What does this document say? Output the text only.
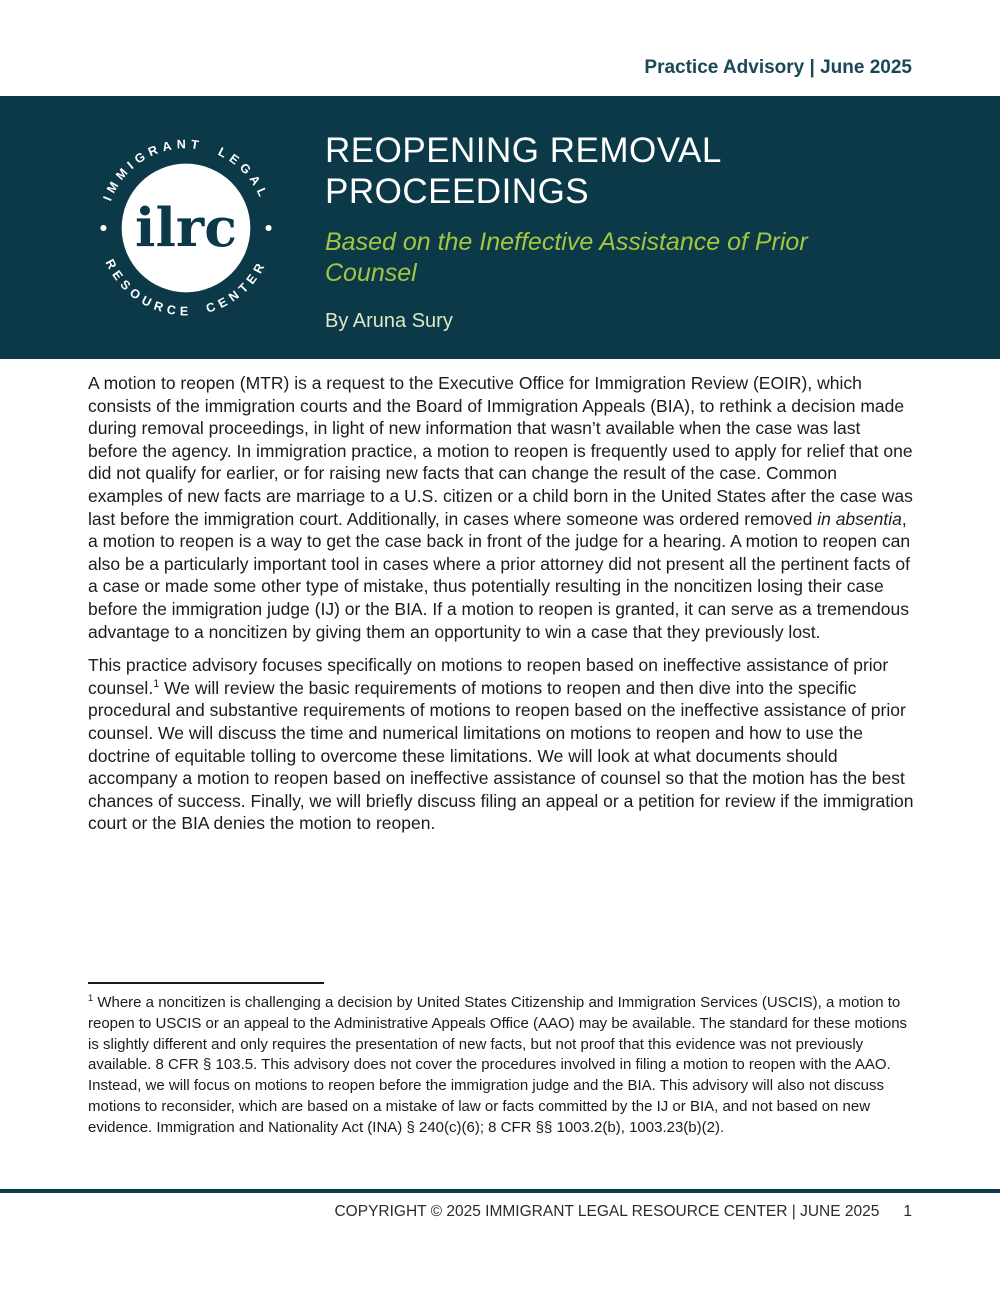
Practice Advisory | June 2025
IMMIGRANT LEGAL
RESOURCE CENTER
ilrc
REOPENING REMOVAL PROCEEDINGS
Based on the Ineffective Assistance of Prior Counsel
By Aruna Sury

A motion to reopen (MTR) is a request to the Executive Office for Immigration Review (EOIR), which consists of the immigration courts and the Board of Immigration Appeals (BIA), to rethink a decision made during removal proceedings, in light of new information that wasn’t available when the case was last before the agency. In immigration practice, a motion to reopen is frequently used to apply for relief that one did not qualify for earlier, or for raising new facts that can change the result of the case. Common examples of new facts are marriage to a U.S. citizen or a child born in the United States after the case was last before the immigration court. Additionally, in cases where someone was ordered removed in absentia, a motion to reopen is a way to get the case back in front of the judge for a hearing. A motion to reopen can also be a particularly important tool in cases where a prior attorney did not present all the pertinent facts of a case or made some other type of mistake, thus potentially resulting in the noncitizen losing their case before the immigration judge (IJ) or the BIA. If a motion to reopen is granted, it can serve as a tremendous advantage to a noncitizen by giving them an opportunity to win a case that they previously lost.

This practice advisory focuses specifically on motions to reopen based on ineffective assistance of prior counsel.$^1$ We will review the basic requirements of motions to reopen and then dive into the specific procedural and substantive requirements of motions to reopen based on the ineffective assistance of prior counsel. We will discuss the time and numerical limitations on motions to reopen and how to use the doctrine of equitable tolling to overcome these limitations. We will look at what documents should accompany a motion to reopen based on ineffective assistance of counsel so that the motion has the best chances of success. Finally, we will briefly discuss filing an appeal or a petition for review if the immigration court or the BIA denies the motion to reopen.

$^1$ Where a noncitizen is challenging a decision by United States Citizenship and Immigration Services (USCIS), a motion to reopen to USCIS or an appeal to the Administrative Appeals Office (AAO) may be available. The standard for these motions is slightly different and only requires the presentation of new facts, but not proof that this evidence was not previously available. 8 CFR § 103.5. This advisory does not cover the procedures involved in filing a motion to reopen with the AAO. Instead, we will focus on motions to reopen before the immigration judge and the BIA. This advisory will also not discuss motions to reconsider, which are based on a mistake of law or facts committed by the IJ or BIA, and not based on new evidence. Immigration and Nationality Act (INA) § 240(c)(6); 8 CFR §§ 1003.2(b), 1003.23(b)(2).

COPYRIGHT © 2025 IMMIGRANT LEGAL RESOURCE CENTER | JUNE 2025 1
